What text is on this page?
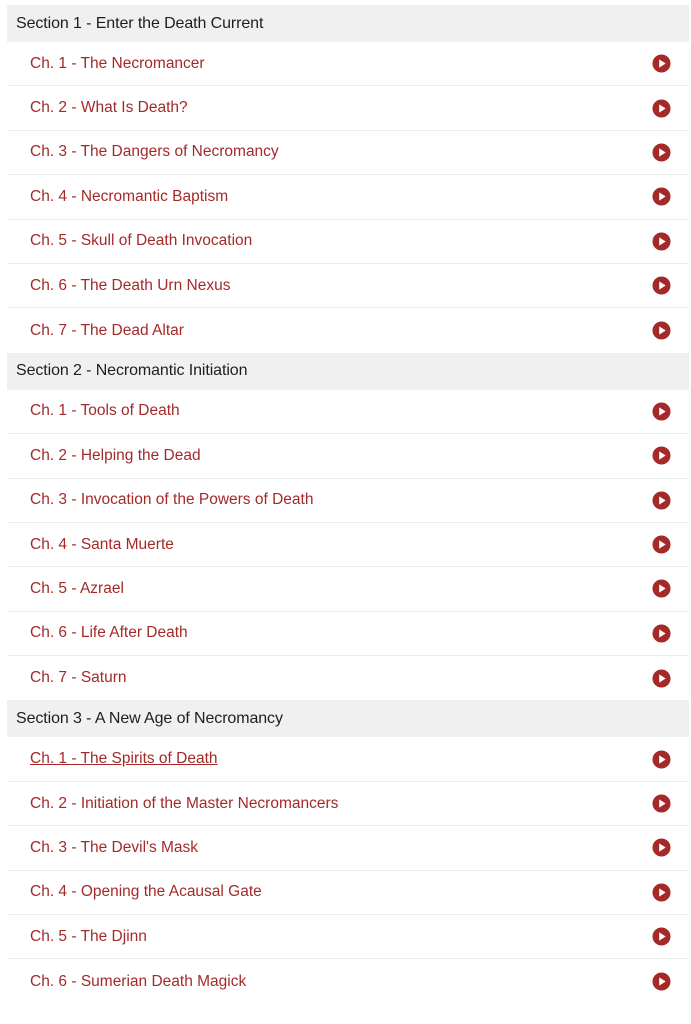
Section 1 - Enter the Death Current
Ch. 1 - The Necromancer
Ch. 2 - What Is Death?
Ch. 3 - The Dangers of Necromancy
Ch. 4 - Necromantic Baptism
Ch. 5 - Skull of Death Invocation
Ch. 6 - The Death Urn Nexus
Ch. 7 - The Dead Altar
Section 2 - Necromantic Initiation
Ch. 1 - Tools of Death
Ch. 2 - Helping the Dead
Ch. 3 - Invocation of the Powers of Death
Ch. 4 - Santa Muerte
Ch. 5 - Azrael
Ch. 6 - Life After Death
Ch. 7 - Saturn
Section 3 - A New Age of Necromancy
Ch. 1 - The Spirits of Death
Ch. 2 - Initiation of the Master Necromancers
Ch. 3 - The Devil's Mask
Ch. 4 - Opening the Acausal Gate
Ch. 5 - The Djinn
Ch. 6 - Sumerian Death Magick
